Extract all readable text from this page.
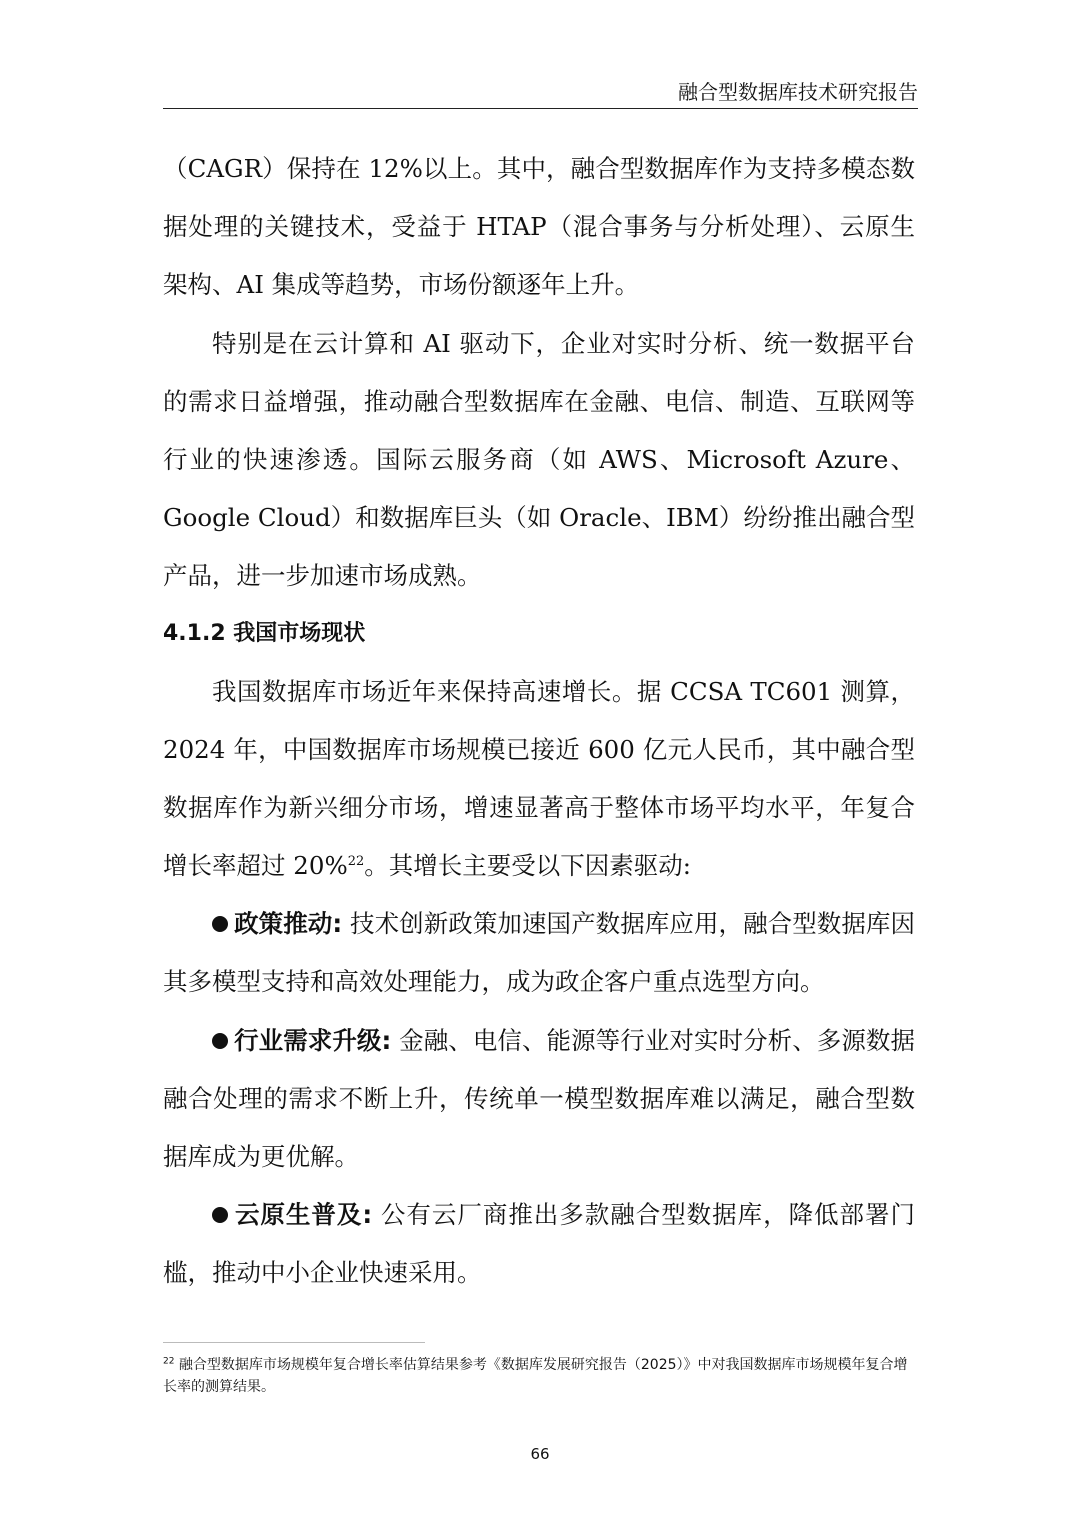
融合型数据库技术研究报告

（CAGR）保持在 12%以上。其中，融合型数据库作为支持多模态数据处理的关键技术，受益于 HTAP（混合事务与分析处理）、云原生架构、AI 集成等趋势，市场份额逐年上升。

特别是在云计算和 AI 驱动下，企业对实时分析、统一数据平台的需求日益增强，推动融合型数据库在金融、电信、制造、互联网等行业的快速渗透。国际云服务商（如 AWS、Microsoft Azure、Google Cloud）和数据库巨头（如 Oracle、IBM）纷纷推出融合型产品，进一步加速市场成熟。

4.1.2 我国市场现状

我国数据库市场近年来保持高速增长。据 CCSA TC601 测算，2024 年，中国数据库市场规模已接近 600 亿元人民币，其中融合型数据库作为新兴细分市场，增速显著高于整体市场平均水平，年复合增长率超过 20%$^{22}$。其增长主要受以下因素驱动:

政策推动: 技术创新政策加速国产数据库应用，融合型数据库因其多模型支持和高效处理能力，成为政企客户重点选型方向。

行业需求升级: 金融、电信、能源等行业对实时分析、多源数据融合处理的需求不断上升，传统单一模型数据库难以满足，融合型数据库成为更优解。

云原生普及: 公有云厂商推出多款融合型数据库，降低部署门槛，推动中小企业快速采用。

$^{22}$ 融合型数据库市场规模年复合增长率估算结果参考《数据库发展研究报告（2025）》中对我国数据库市场规模年复合增长率的测算结果。

66
